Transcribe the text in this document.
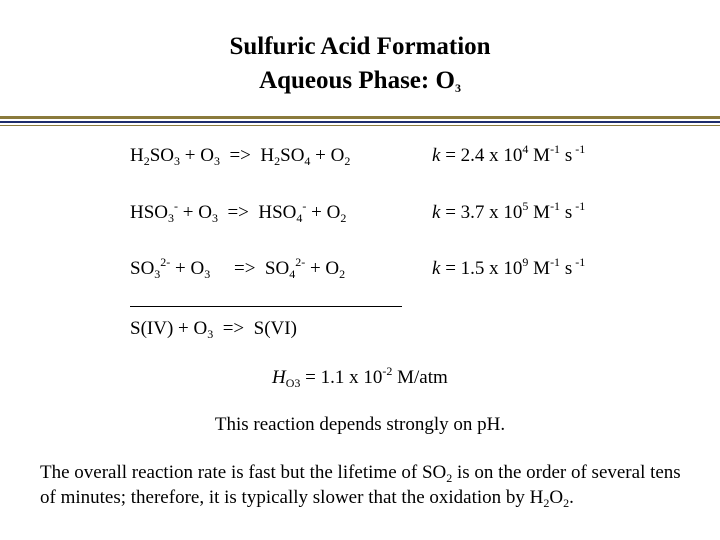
Sulfuric Acid Formation
Aqueous Phase: $O_3$
$H_2SO_3 + O_3 => H_2SO_4 + O_2$	k = 2.4 x $10^4$ $M^{-1}$ s $^{-1}$
$HSO_3^- + O_3 => HSO_4^- + O_2$	k = 3.7 x $10^5$ $M^{-1}$ s $^{-1}$
$SO_3^{2-} + O_3$     =>  $SO_4^{2-} + O_2$	k = 1.5 x $10^9$ $M^{-1}$ s $^{-1}$
$S(IV) + O_3 => S(VI)$
$H_{O3} = 1.1$ x $10^{-2}$ M/atm
This reaction depends strongly on pH.
The overall reaction rate is fast but the lifetime of $SO_2$ is on the order of several tens of minutes; therefore, it is typically slower that the oxidation by $H_2O_2$.
